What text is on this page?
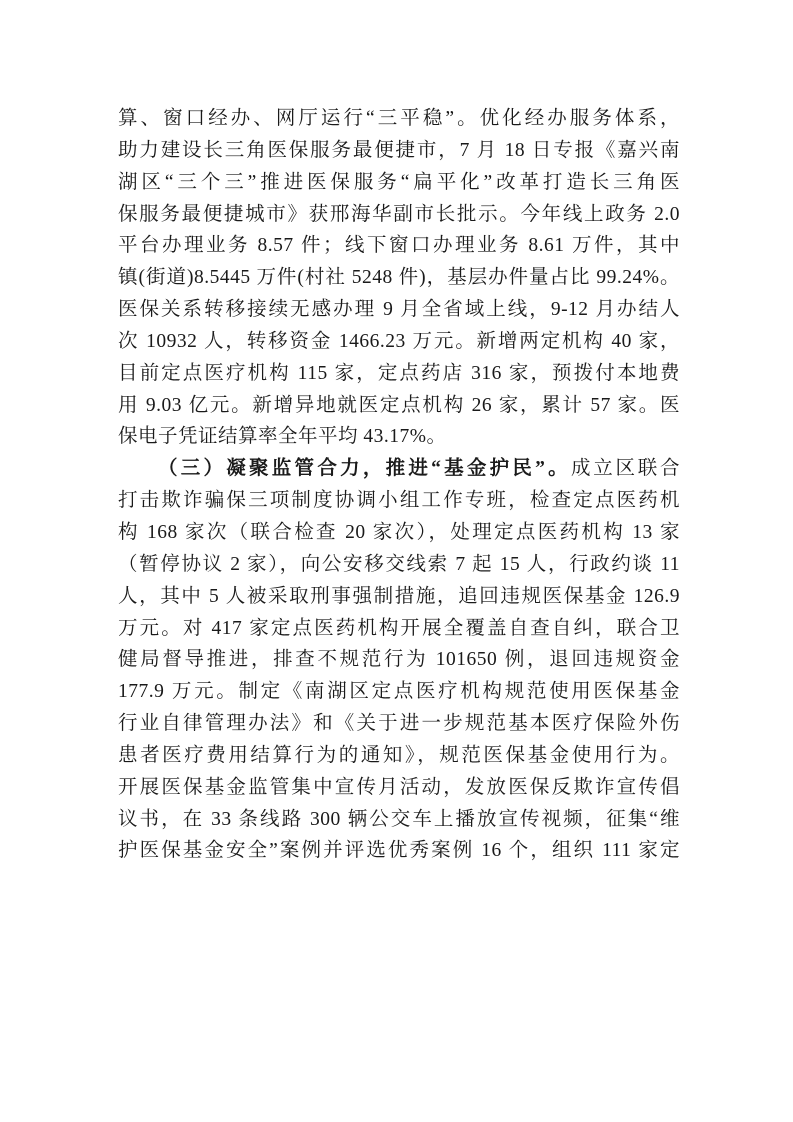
算、窗口经办、网厅运行“三平稳”。优化经办服务体系，
助力建设长三角医保服务最便捷市，7 月 18 日专报《嘉兴南
湖区“三个三”推进医保服务“扁平化”改革打造长三角医
保服务最便捷城市》获邢海华副市长批示。今年线上政务 2.0
平台办理业务 8.57 件；线下窗口办理业务 8.61 万件，其中
镇(街道)8.5445 万件(村社 5248 件)，基层办件量占比 99.24%。
医保关系转移接续无感办理 9 月全省域上线，9-12 月办结人
次 10932 人，转移资金 1466.23 万元。新增两定机构 40 家，
目前定点医疗机构 115 家，定点药店 316 家，预拨付本地费
用 9.03 亿元。新增异地就医定点机构 26 家，累计 57 家。医
保电子凭证结算率全年平均 43.17%。
（三）凝聚监管合力，推进“基金护民”。成立区联合
打击欺诈骗保三项制度协调小组工作专班，检查定点医药机
构 168 家次（联合检查 20 家次），处理定点医药机构 13 家
（暂停协议 2 家），向公安移交线索 7 起 15 人，行政约谈 11
人，其中 5 人被采取刑事强制措施，追回违规医保基金 126.9
万元。对 417 家定点医药机构开展全覆盖自查自纠，联合卫
健局督导推进，排查不规范行为 101650 例，退回违规资金
177.9 万元。制定《南湖区定点医疗机构规范使用医保基金
行业自律管理办法》和《关于进一步规范基本医疗保险外伤
患者医疗费用结算行为的通知》，规范医保基金使用行为。
开展医保基金监管集中宣传月活动，发放医保反欺诈宣传倡
议书，在 33 条线路 300 辆公交车上播放宣传视频，征集“维
护医保基金安全”案例并评选优秀案例 16 个，组织 111 家定
